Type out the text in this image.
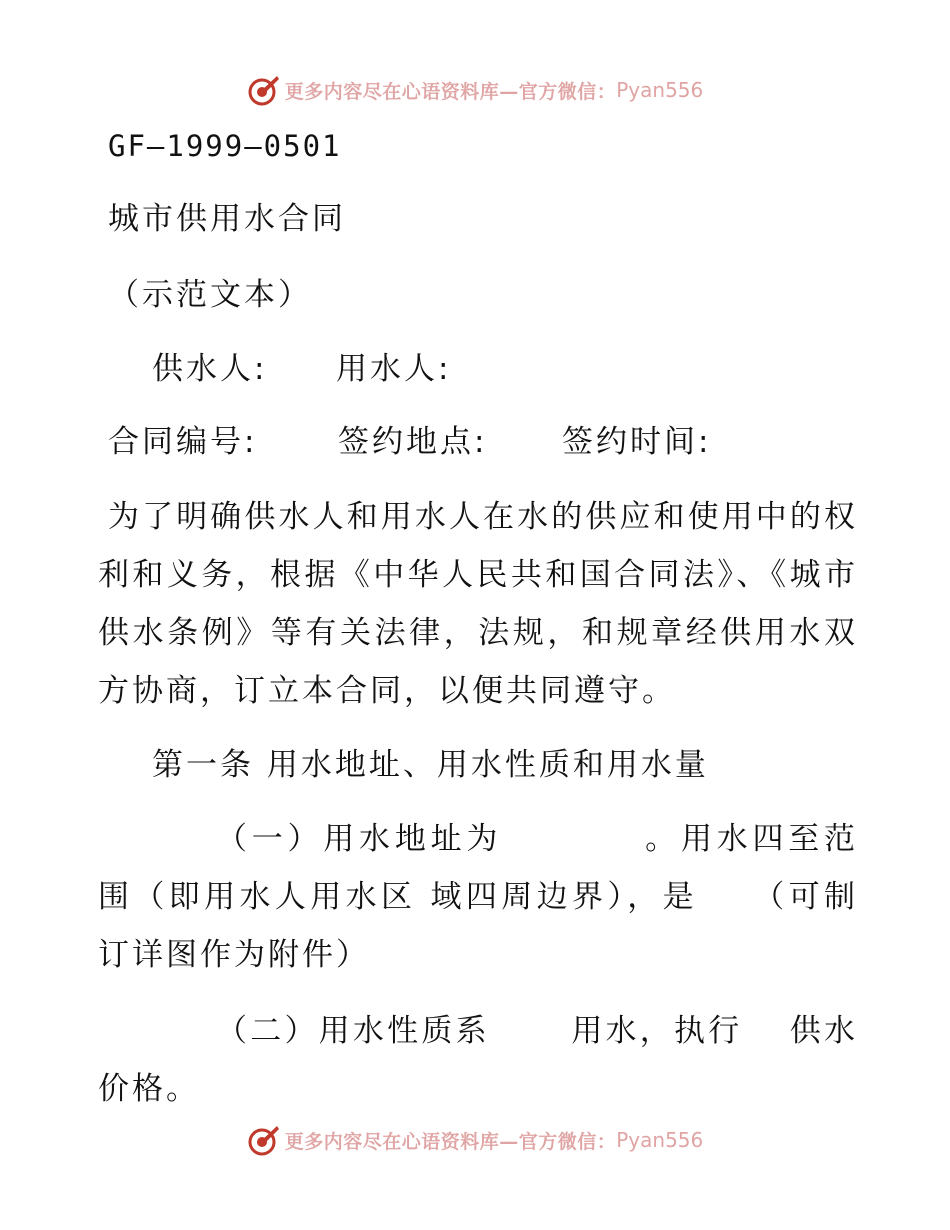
更多内容尽在心语资料库—官方微信： Pyan556
GF—1999—0501
城市供用水合同
（示范文本）
供水人: 用水人:
合同编号:	签约地点: 签约时间:
为了明确供水人和用水人在水的供应和使用中的权利和义务，根据《中华人民共和国合同法》、《城市供水条例》等有关法律，法规，和规章经供用水双方协商，订立本合同，以便共同遵守。
第一条 用水地址、用水性质和用水量
（一）用水地址为　　　　。用水四至范围（即用水人用水区 域四周边界），是　　（可制订详图作为附件）
（二）用水性质系　　 用水，执行　 供水价格。
更多内容尽在心语资料库—官方微信： Pyan556
